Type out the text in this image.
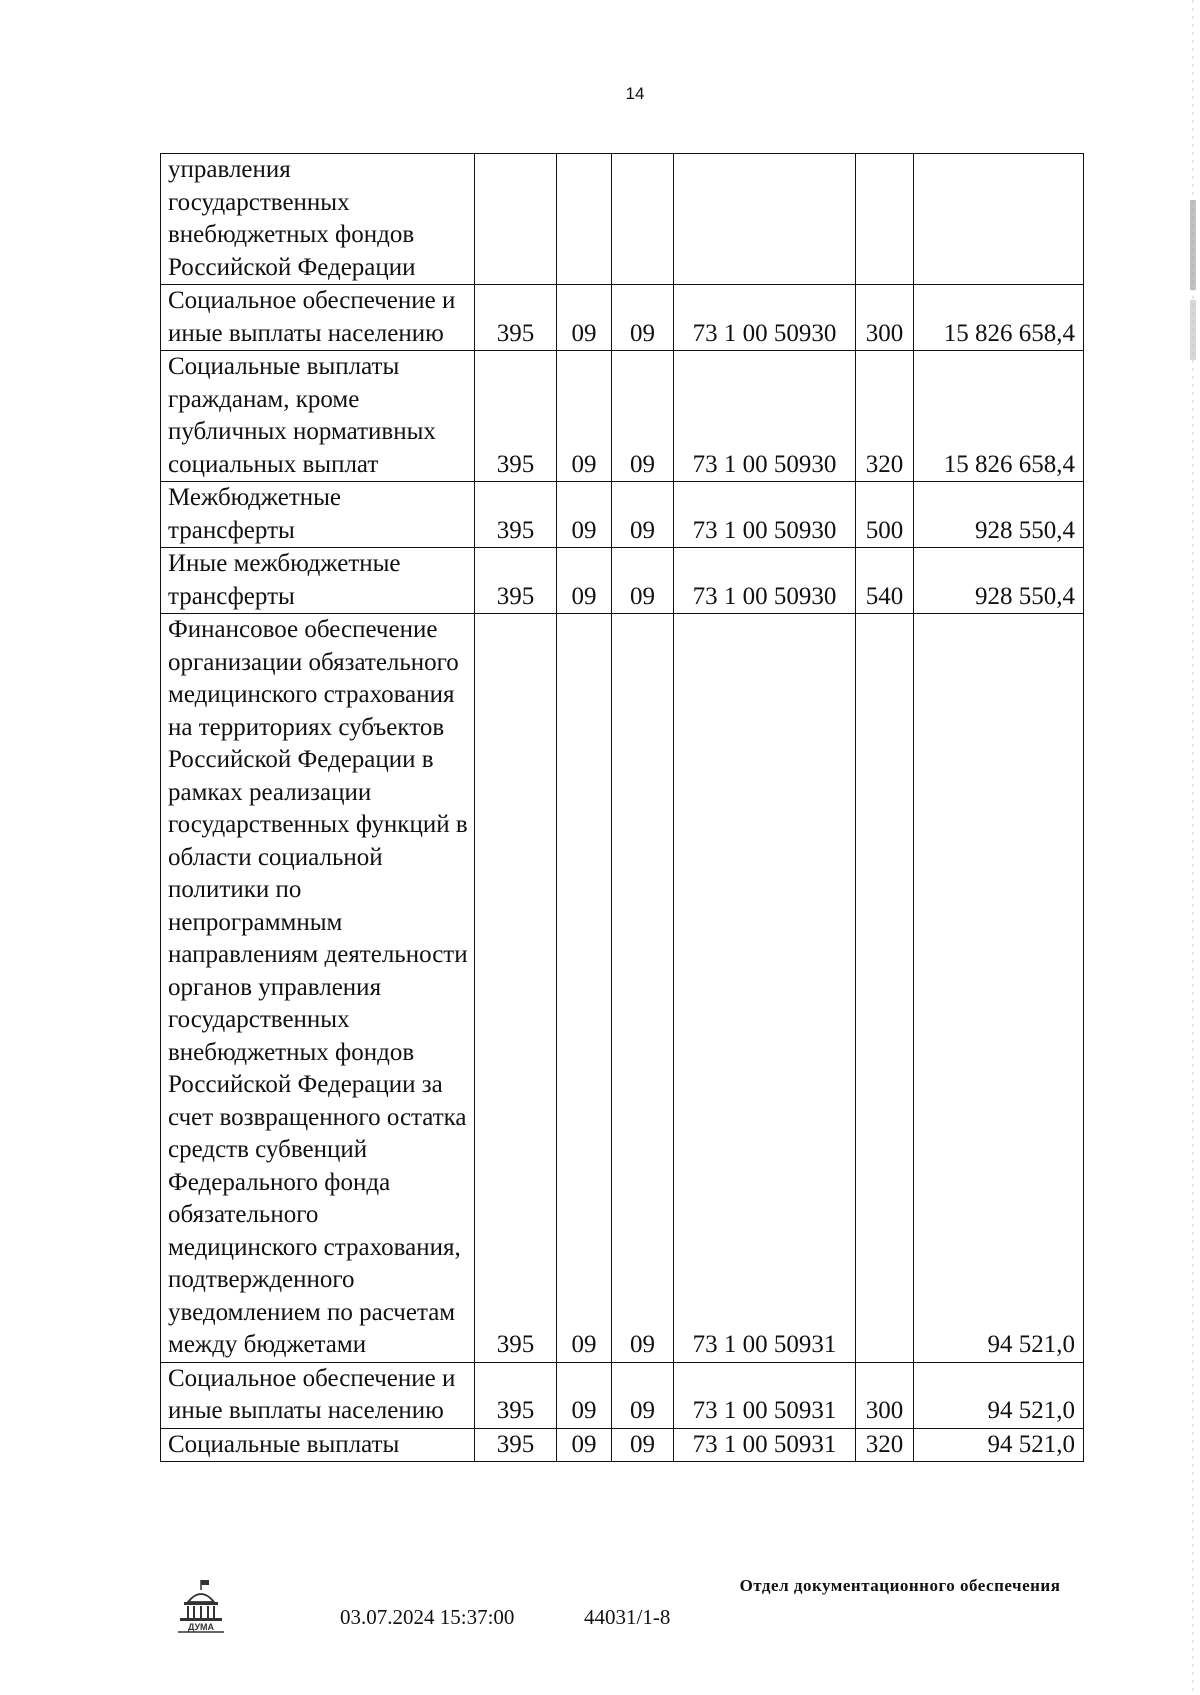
14
управления государственных внебюджетных фондов Российской Федерации						
Социальное обеспечение и иные выплаты населению	395	09	09	73 1 00 50930	300	15 826 658,4
Социальные выплаты гражданам, кроме публичных нормативных социальных выплат	395	09	09	73 1 00 50930	320	15 826 658,4
Межбюджетные трансферты	395	09	09	73 1 00 50930	500	928 550,4
Иные межбюджетные трансферты	395	09	09	73 1 00 50930	540	928 550,4
Финансовое обеспечение организации обязательного медицинского страхования на территориях субъектов Российской Федерации в рамках реализации государственных функций в области социальной политики по непрограммным направлениям деятельности органов управления государственных внебюджетных фондов Российской Федерации за счет возвращенного остатка средств субвенций Федерального фонда обязательного медицинского страхования, подтвержденного уведомлением по расчетам между бюджетами	395	09	09	73 1 00 50931		94 521,0
Социальное обеспечение и иные выплаты населению	395	09	09	73 1 00 50931	300	94 521,0
Социальные выплаты	395	09	09	73 1 00 50931	320	94 521,0
ДУМА	03.07.2024 15:37:00	44031/1-8
Отдел документационного обеспечения
